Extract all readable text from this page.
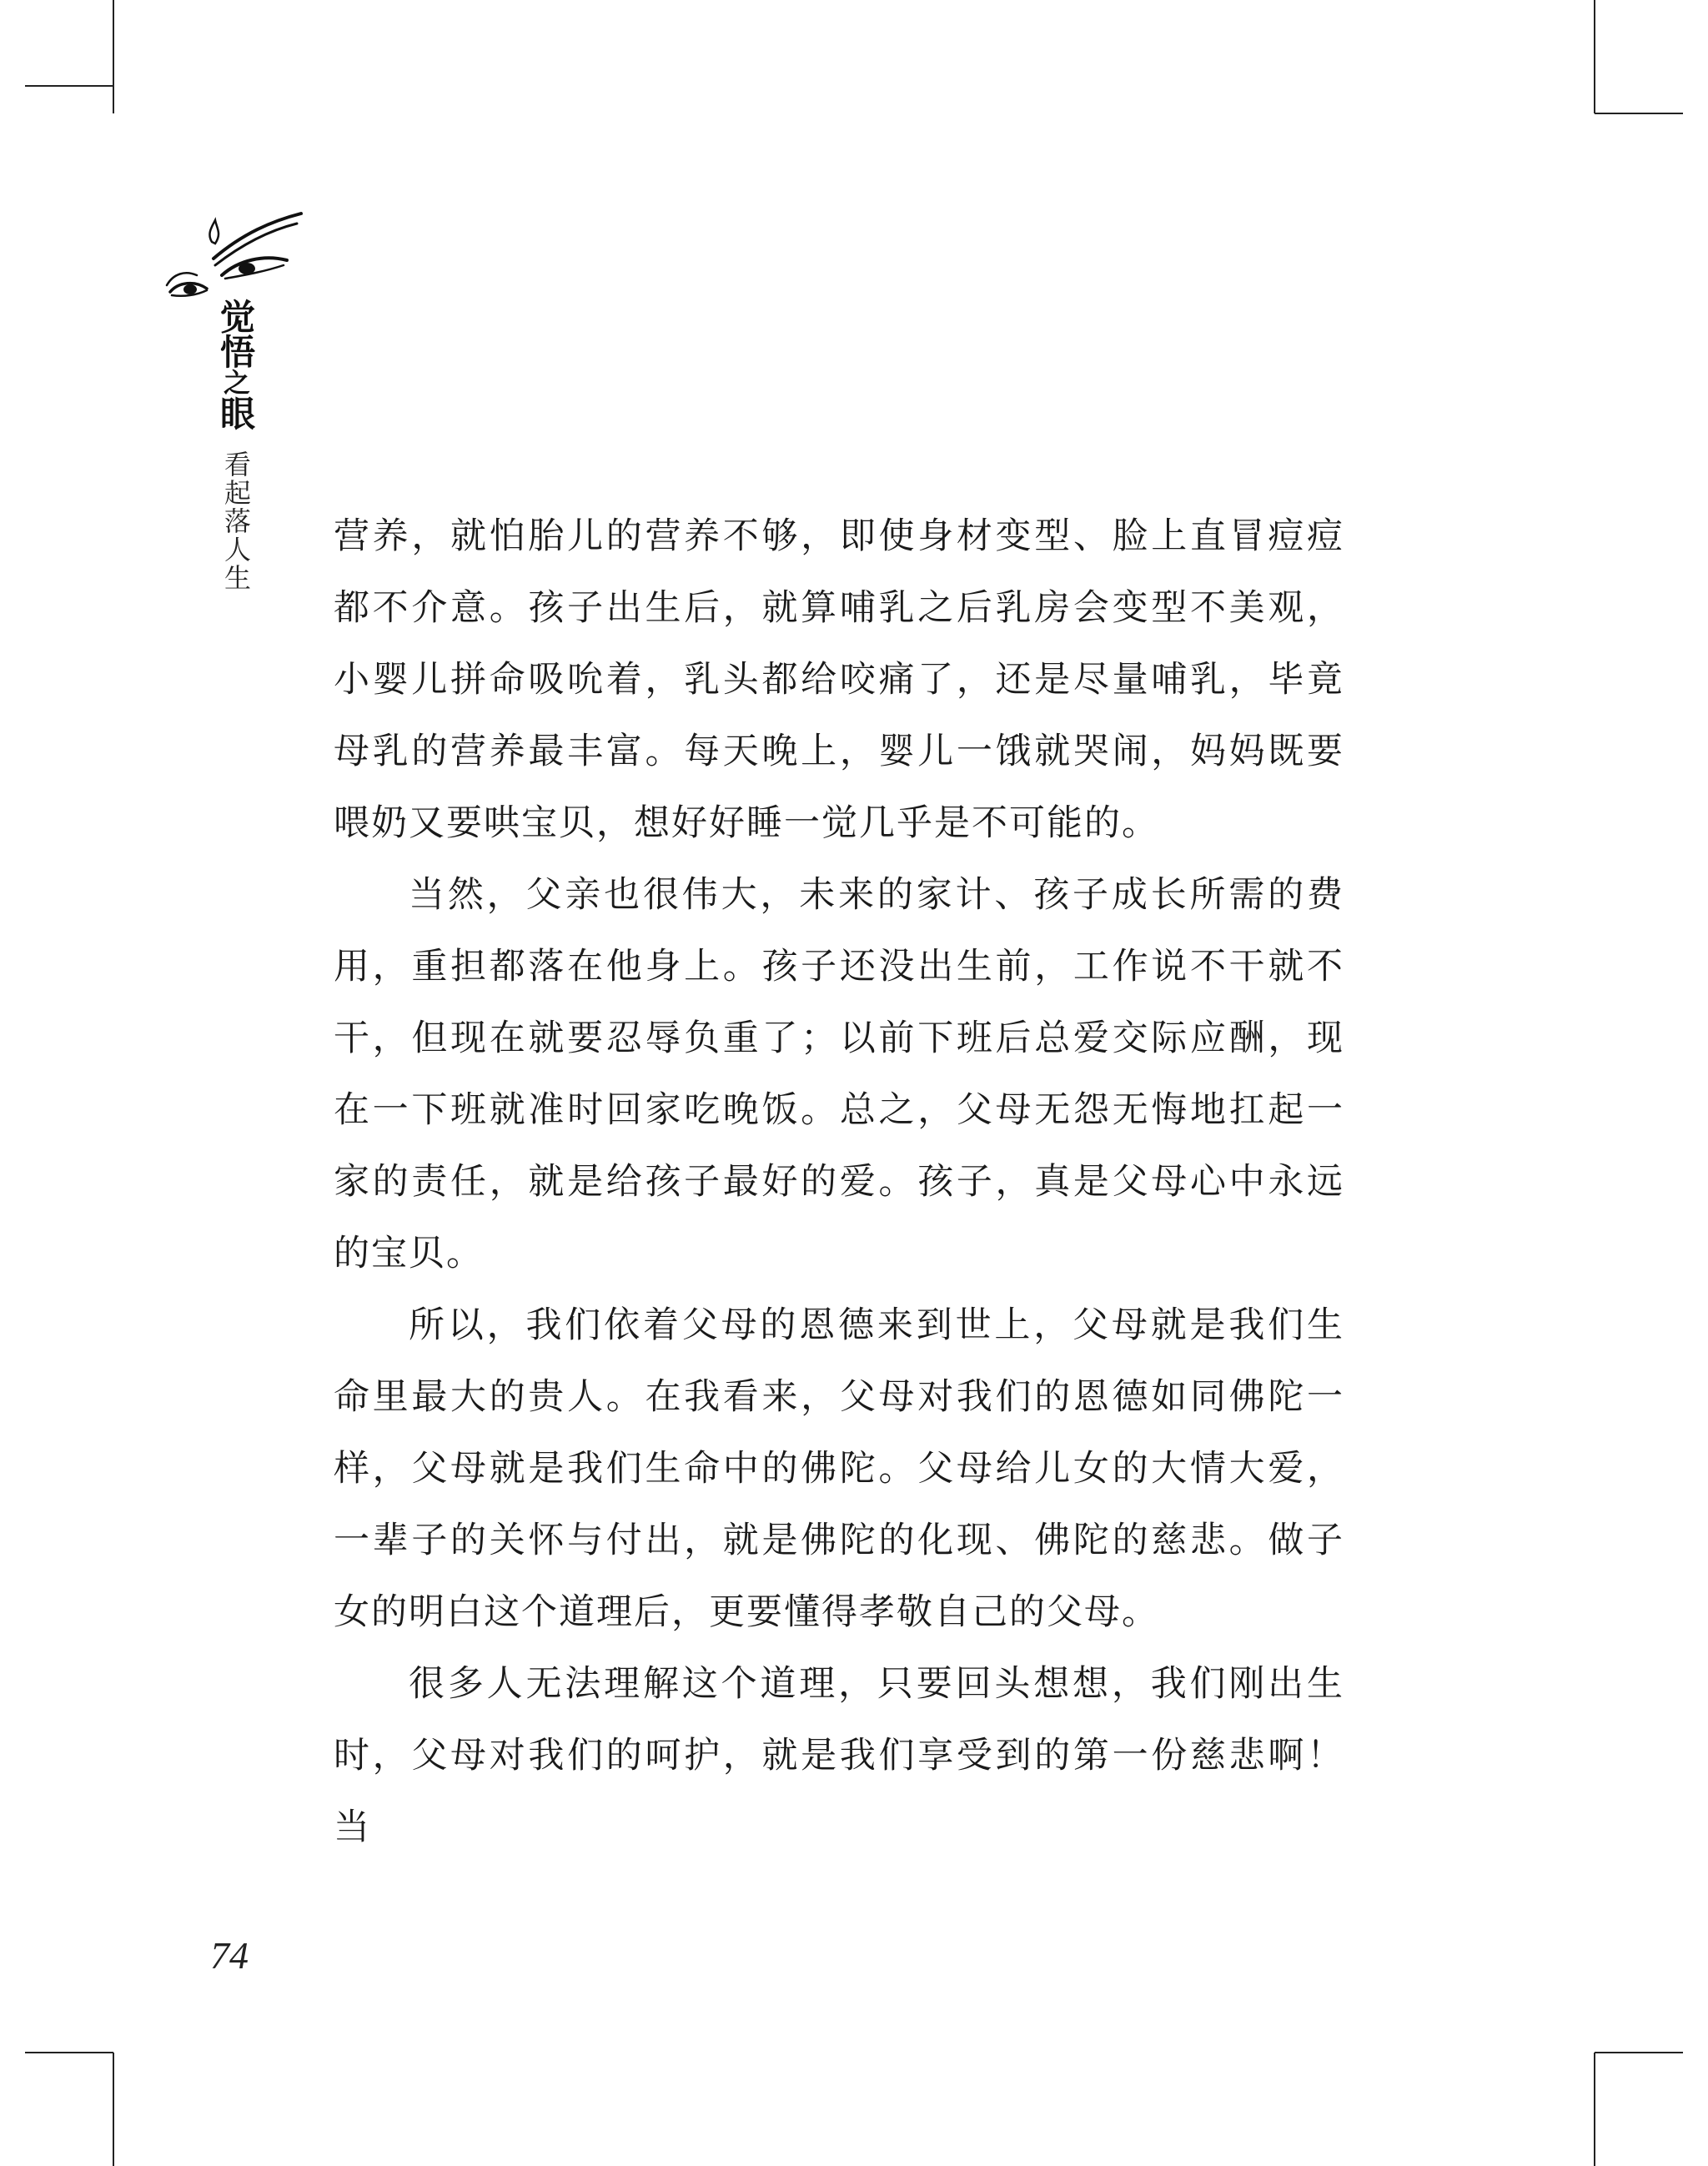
觉悟之眼
看起落人生 营养，就怕胎儿的营养不够，即使身材变型、脸上直冒痘痘都不介意。孩子出生后，就算哺乳之后乳房会变型不美观，小婴儿拼命吸吮着，乳头都给咬痛了，还是尽量哺乳，毕竟母乳的营养最丰富。每天晚上，婴儿一饿就哭闹，妈妈既要喂奶又要哄宝贝，想好好睡一觉几乎是不可能的。

当然，父亲也很伟大，未来的家计、孩子成长所需的费用，重担都落在他身上。孩子还没出生前，工作说不干就不干，但现在就要忍辱负重了；以前下班后总爱交际应酬，现在一下班就准时回家吃晚饭。总之，父母无怨无悔地扛起一家的责任，就是给孩子最好的爱。孩子，真是父母心中永远的宝贝。

所以，我们依着父母的恩德来到世上，父母就是我们生命里最大的贵人。在我看来，父母对我们的恩德如同佛陀一样，父母就是我们生命中的佛陀。父母给儿女的大情大爱，一辈子的关怀与付出，就是佛陀的化现、佛陀的慈悲。做子女的明白这个道理后，更要懂得孝敬自己的父母。

很多人无法理解这个道理，只要回头想想，我们刚出生时，父母对我们的呵护，就是我们享受到的第一份慈悲啊！当

74
